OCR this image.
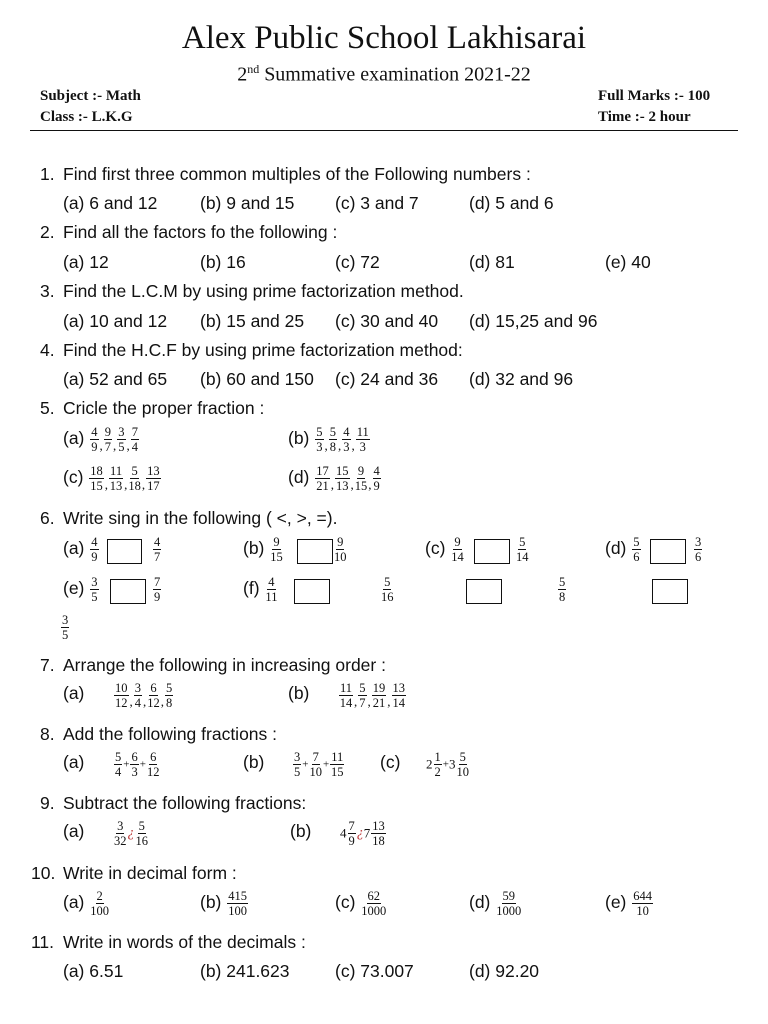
Alex Public School Lakhisarai
2nd Summative examination 2021-22
Subject :- Math
Class :- L.K.G
Full Marks :- 100
Time :- 2 hour
1. Find first three common multiples of the Following numbers :
(a) 6 and 12 (b) 9 and 15 (c) 3 and 7	(d) 5 and 6
2. Find all the factors fo the following :
(a) 12	(b) 16	(c) 72	(d) 81	(e) 40
3. Find the L.C.M by using prime factorization method.
(a) 10 and 12 (b) 15 and 25 (c) 30 and 40 (d) 15,25 and 96
4. Find the H.C.F by using prime factorization method:
(a) 52 and 65 (b) 60 and 150 (c) 24 and 36 (d) 32 and 96
5. Cricle the proper fraction :
$(a) \frac{4}{9} _, \frac{9}{7} _, \frac{3}{5} _, \frac{7}{4}$	$(b) \frac{5}{3} _, \frac{5}{8} _, \frac{4}{3} _, \frac{11}{3}$
$(c) \frac{18}{15} _, \frac{11}{13} _, \frac{5}{18} _, \frac{13}{17}$	$(d) \frac{17}{21} _, \frac{15}{13} _, \frac{9}{15} _, \frac{4}{9}$
6. Write sing in the following ( <, >, =).
$(a) \frac{4}{9}$	$\frac{4}{7}$	$(b) \frac{9}{15}$	$\frac{9}{10}$	$(c) \frac{9}{14}$	$\frac{5}{14}$	$(d) \frac{5}{6}$	$\frac{3}{6}$
$(e) \frac{3}{5}$	$\frac{7}{9}$	$(f) \frac{4}{11}$	$\frac{5}{16}$	$\frac{5}{8}$
$\frac{3}{5}$
7. Arrange the following in increasing order :
$(a) \frac{10}{12} _, \frac{3}{4} _, \frac{6}{12} _, \frac{5}{8}$	$(b) \frac{11}{14} _, \frac{5}{7} _, \frac{19}{21} _, \frac{13}{14}$
8. Add the following fractions :
$(a) \frac{5}{4} + \frac{6}{3} + \frac{6}{12}$	$(b) \frac{3}{5} + \frac{7}{10} + \frac{11}{15} (c)$ $2 \frac{1}{2} +3 \frac{5}{10}$
9. Subtract the following fractions:
$(a) \frac{3}{32}$ ¿ $\frac{5}{16}$	(b) $4 \frac{7}{9}$ ¿$7 \frac{13}{18}$
10. Write in decimal form :
$(a) \frac{2}{100}$	$(b) \frac{415}{100}$	$(c) \frac{62}{1000}$	$(d) \frac{59}{1000}$	$(e) \frac{644}{10}$
11. Write in words of the decimals :
(a) 6.51	(b) 241.623	(c) 73.007	(d) 92.20
